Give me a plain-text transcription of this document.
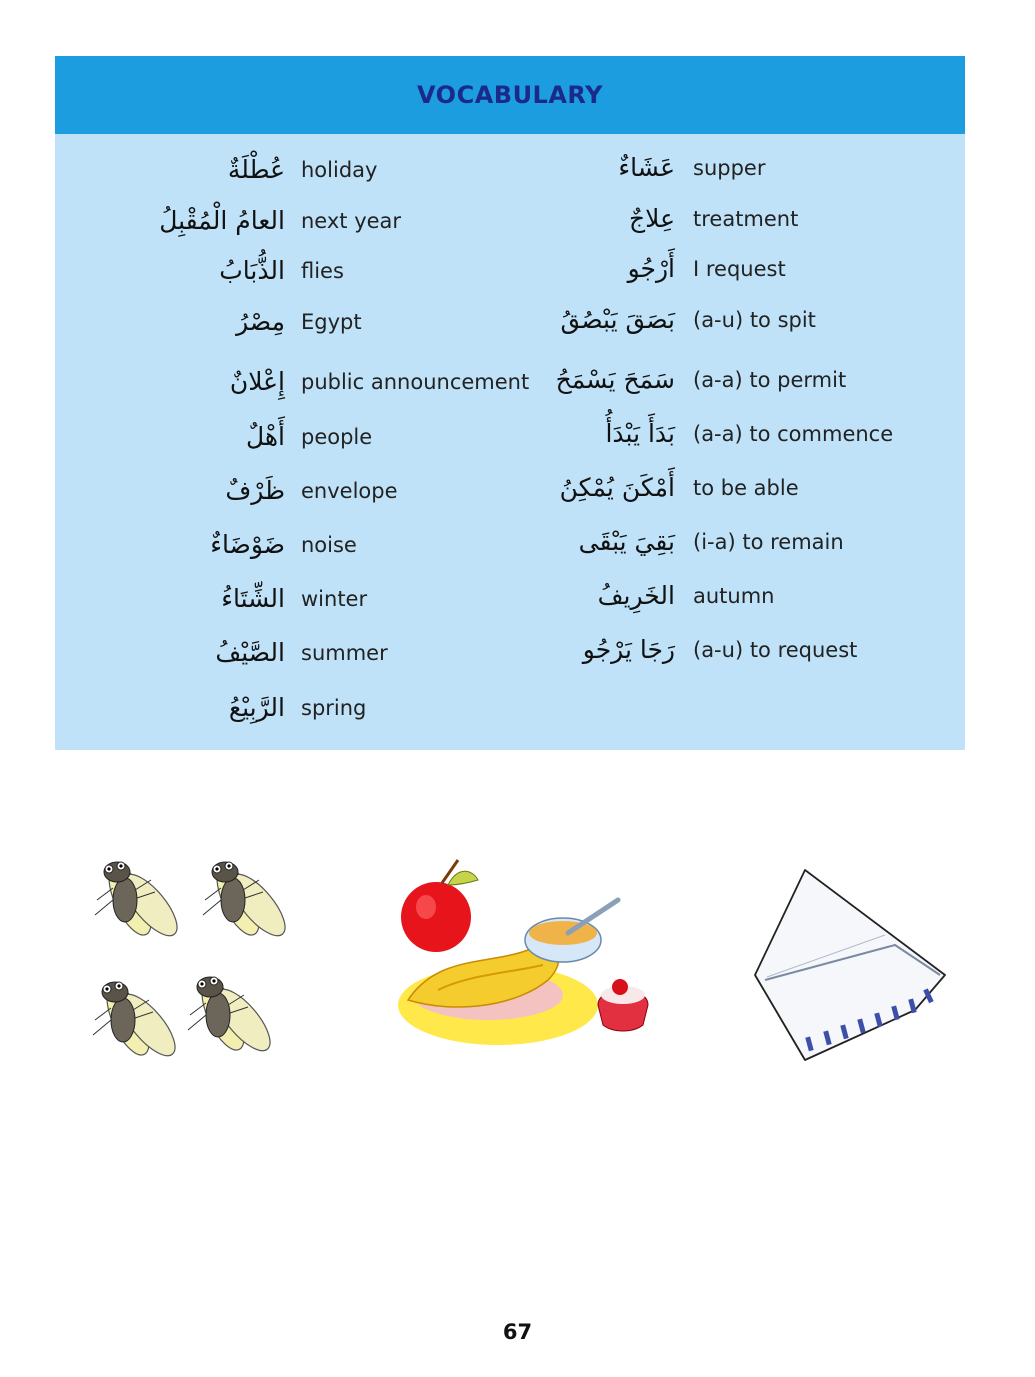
VOCABULARY
عُطْلَةٌ holiday
العامُ الْمُقْبِلُ next year
الذُّبَابُ flies
مِصْرُ Egypt
إِعْلانٌ public announcement
أَهْلٌ people
ظَرْفٌ envelope
ضَوْضَاءٌ noise
الشِّتَاءُ winter
الصَّيْفُ summer
الرَّبِيْعُ spring
عَشَاءٌ supper
عِلاجٌ treatment
أَرْجُو I request
بَصَقَ يَبْصُقُ (a-u) to spit
سَمَحَ يَسْمَحُ (a-a) to permit
بَدَأَ يَبْدَأُ (a-a) to commence
أَمْكَنَ يُمْكِنُ to be able
بَقِيَ يَبْقَى (i-a) to remain
الخَرِيفُ autumn
رَجَا يَرْجُو (a-u) to request
67
